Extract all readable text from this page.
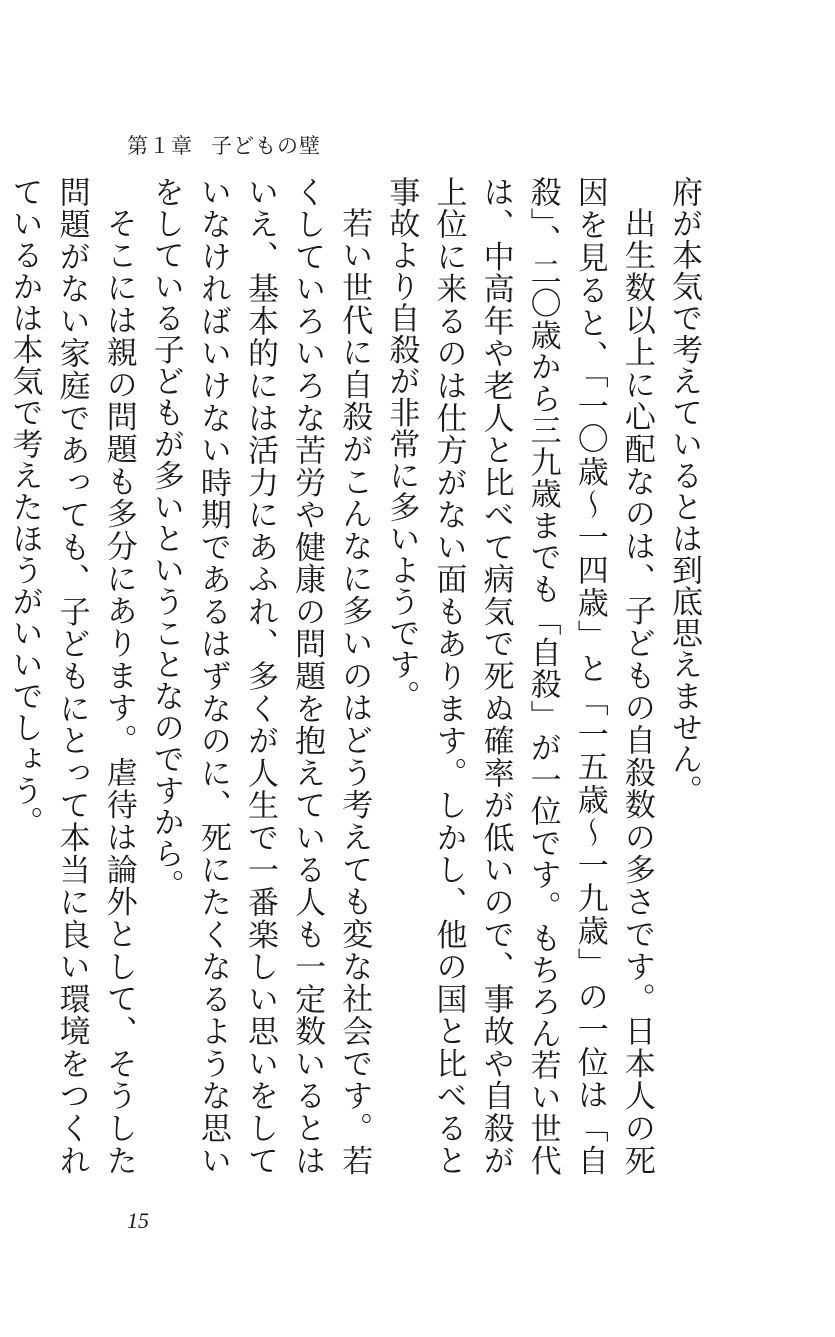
第１章 子どもの壁

府が本気で考えているとは到底思えません。

出生数以上に心配なのは、子どもの自殺数の多さです。日本人の死因を見ると、「一〇歳〜一四歳」と「一五歳〜一九歳」の一位は「自殺」、二〇歳から三九歳までも「自殺」が一位です。もちろん若い世代は、中高年や老人と比べて病気で死ぬ確率が低いので、事故や自殺が上位に来るのは仕方がない面もあります。しかし、他の国と比べると事故より自殺が非常に多いようです。

若い世代に自殺がこんなに多いのはどう考えても変な社会です。若くしていろいろな苦労や健康の問題を抱えている人も一定数いるとはいえ、基本的には活力にあふれ、多くが人生で一番楽しい思いをしていなければいけない時期であるはずなのに、死にたくなるような思いをしている子どもが多いということなのですから。

そこには親の問題も多分にあります。虐待は論外として、そうした問題がない家庭であっても、子どもにとって本当に良い環境をつくれているかは本気で考えたほうがいいでしょう。

15
